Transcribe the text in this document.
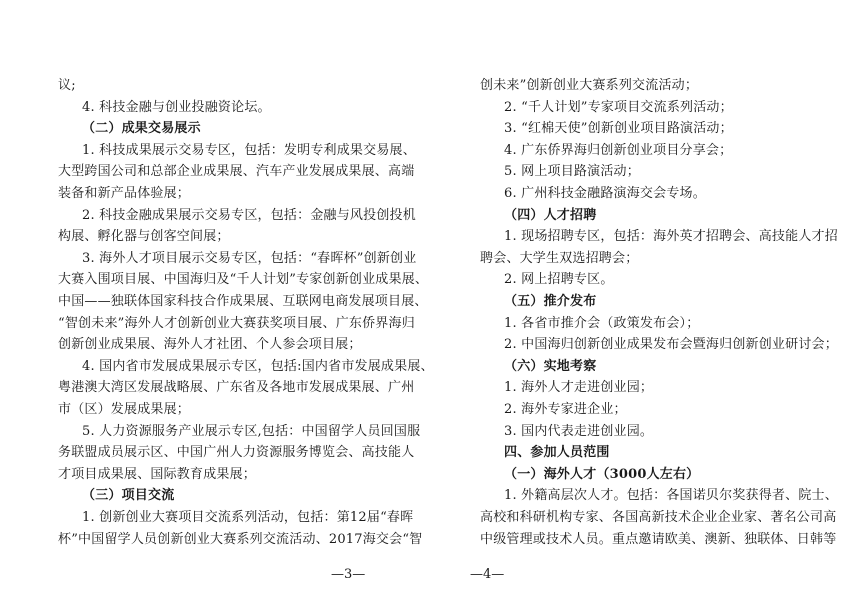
议;
4. 科技金融与创业投融资论坛。
（二）成果交易展示
1. 科技成果展示交易专区，包括：发明专利成果交易展、
大型跨国公司和总部企业成果展、汽车产业发展成果展、高端
装备和新产品体验展；
2. 科技金融成果展示交易专区，包括：金融与风投创投机
构展、孵化器与创客空间展；
3. 海外人才项目展示交易专区，包括：“春晖杯”创新创业
大赛入围项目展、中国海归及“千人计划”专家创新创业成果展、
中国——独联体国家科技合作成果展、互联网电商发展项目展、
“智创未来”海外人才创新创业大赛获奖项目展、广东侨界海归
创新创业成果展、海外人才社团、个人参会项目展；
4. 国内省市发展成果展示专区，包括:国内省市发展成果展、
粤港澳大湾区发展战略展、广东省及各地市发展成果展、广州
市（区）发展成果展；
5. 人力资源服务产业展示专区,包括：中国留学人员回国服
务联盟成员展示区、中国广州人力资源服务博览会、高技能人
才项目成果展、国际教育成果展；
（三）项目交流
1. 创新创业大赛项目交流系列活动，包括：第12届“春晖
杯”中国留学人员创新创业大赛系列交流活动、2017海交会“智
—3—
创未来”创新创业大赛系列交流活动；
2. “千人计划”专家项目交流系列活动；
3. “红棉天使”创新创业项目路演活动；
4. 广东侨界海归创新创业项目分享会；
5. 网上项目路演活动；
6. 广州科技金融路演海交会专场。
（四）人才招聘
1. 现场招聘专区，包括：海外英才招聘会、高技能人才招
聘会、大学生双选招聘会；
2. 网上招聘专区。
（五）推介发布
1. 各省市推介会（政策发布会）；
2. 中国海归创新创业成果发布会暨海归创新创业研讨会；
（六）实地考察
1. 海外人才走进创业园；
2. 海外专家进企业；
3. 国内代表走进创业园。
四、参加人员范围
（一）海外人才（3000人左右）
1. 外籍高层次人才。包括：各国诺贝尔奖获得者、院士、
高校和科研机构专家、各国高新技术企业企业家、著名公司高
中级管理或技术人员。重点邀请欧美、澳新、独联体、日韩等
—4—
